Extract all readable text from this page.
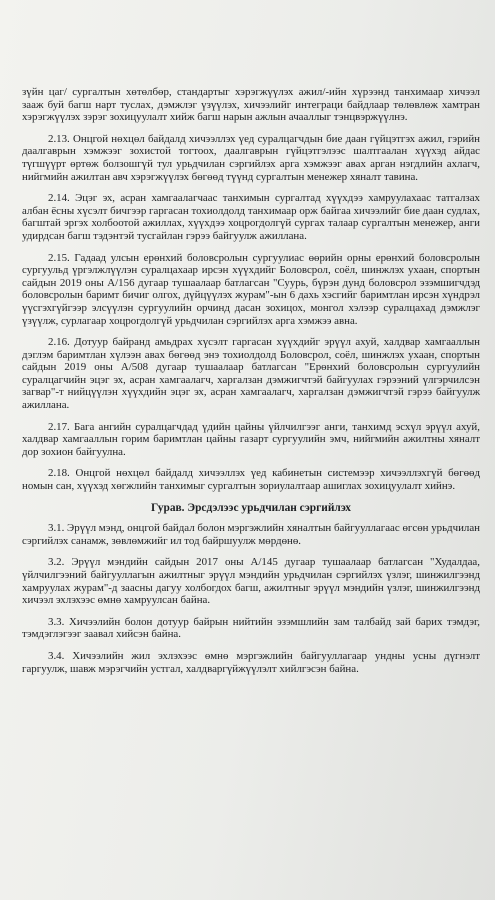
зүйн цаг/ сургалтын хөтөлбөр, стандартыг хэрэгжүүлэх ажил/-ийн хүрээнд танхимаар хичээл зааж буй багш нарт туслах, дэмжлэг үзүүлэх, хичээлийг интеграци байдлаар төлөвлөж хамтран хэрэгжүүлэх зэрэг зохицуулалт хийж багш нарын ажлын ачааллыг тэнцвэржүүлнэ.

2.13. Онцгой нөхцөл байдалд хичээллэх үед суралцагчдын бие даан гүйцэтгэх ажил, гэрийн даалгаврын хэмжээг зохистой тогтоох, даалгаврын гүйцэтгэлээс шалтгаалан хүүхэд айдас түгшүүрт өртөж болзошгүй тул урьдчилан сэргийлэх арга хэмжээг авах арган нэгдлийн ахлагч, нийгмийн ажилтан авч хэрэгжүүлэх бөгөөд түүнд сургалтын менежер хяналт тавина.

2.14. Эцэг эх, асран хамгаалагчаас танхимын сургалтад хүүхдээ хамруулахаас татгалзах албан ёсны хүсэлт бичгээр гаргасан тохиолдолд танхимаар орж байгаа хичээлийг бие даан судлах, багштай эргэх холбоотой ажиллах, хүүхдээ хоцрогдолгүй сургах талаар сургалтын менежер, анги удирдсан багш тэдэнтэй тусгайлан гэрээ байгуулж ажиллана.

2.15. Гадаад улсын ерөнхий боловсролын сургуулиас өөрийн орны ерөнхий боловсролын сургуульд үргэлжлүүлэн суралцахаар ирсэн хүүхдийг Боловсрол, соёл, шинжлэх ухаан, спортын сайдын 2019 оны А/156 дугаар тушаалаар батлагсан "Суурь, бүрэн дунд боловсрол эзэмшигчдэд боловсролын баримт бичиг олгох, дүйцүүлэх журам"-ын 6 дахь хэсгийг баримтлан ирсэн хүндрэл үүсгэхгүйгээр элсүүлэн сургуулийн орчинд дасан зохицох, монгол хэлээр суралцахад дэмжлэг үзүүлж, сурлагаар хоцрогдолгүй урьдчилан сэргийлэх арга хэмжээ авна.

2.16. Дотуур байранд амьдрах хүсэлт гаргасан хүүхдийг эрүүл ахуй, халдвар хамгааллын дэглэм баримтлан хүлээн авах бөгөөд энэ тохиолдолд Боловсрол, соёл, шинжлэх ухаан, спортын сайдын 2019 оны А/508 дугаар тушаалаар батлагсан "Ерөнхий боловсролын сургуулийн суралцагчийн эцэг эх, асран хамгаалагч, харгалзан дэмжигчтэй байгуулах гэрээний үлгэрчилсэн загвар"-т нийцүүлэн хүүхдийн эцэг эх, асран хамгаалагч, харгалзан дэмжигчтэй гэрээ байгуулж ажиллана.

2.17. Бага ангийн суралцагчдад үдийн цайны үйлчилгээг анги, танхимд эсхүл эрүүл ахуй, халдвар хамгааллын горим баримтлан цайны газарт сургуулийн эмч, нийгмийн ажилтны хяналт дор зохион байгуулна.

2.18. Онцгой нөхцөл байдалд хичээллэх үед кабинетын системээр хичээллэхгүй бөгөөд номын сан, хүүхэд хөгжлийн танхимыг сургалтын зориулалтаар ашиглах зохицуулалт хийнэ.

Гурав. Эрсдэлээс урьдчилан сэргийлэх

3.1. Эрүүл мэнд, онцгой байдал болон мэргэжлийн хяналтын байгууллагаас өгсөн урьдчилан сэргийлэх санамж, зөвлөмжийг ил тод байршуулж мөрдөнө.

3.2. Эрүүл мэндийн сайдын 2017 оны А/145 дугаар тушаалаар батлагсан "Худалдаа, үйлчилгээний байгууллагын ажилтныг эрүүл мэндийн урьдчилан сэргийлэх үзлэг, шинжилгээнд хамруулах журам"-д заасны дагуу холбогдох багш, ажилтныг эрүүл мэндийн үзлэг, шинжилгээнд хичээл эхлэхээс өмнө хамруулсан байна.

3.3. Хичээлийн болон дотуур байрын нийтийн эзэмшлийн зам талбайд зай барих тэмдэг, тэмдэглэгээг заавал хийсэн байна.

3.4. Хичээлийн жил эхлэхээс өмнө мэргэжлийн байгууллагаар ундны усны дүгнэлт гаргуулж, шавж мэрэгчийн устгал, халдваргүйжүүлэлт хийлгэсэн байна.
